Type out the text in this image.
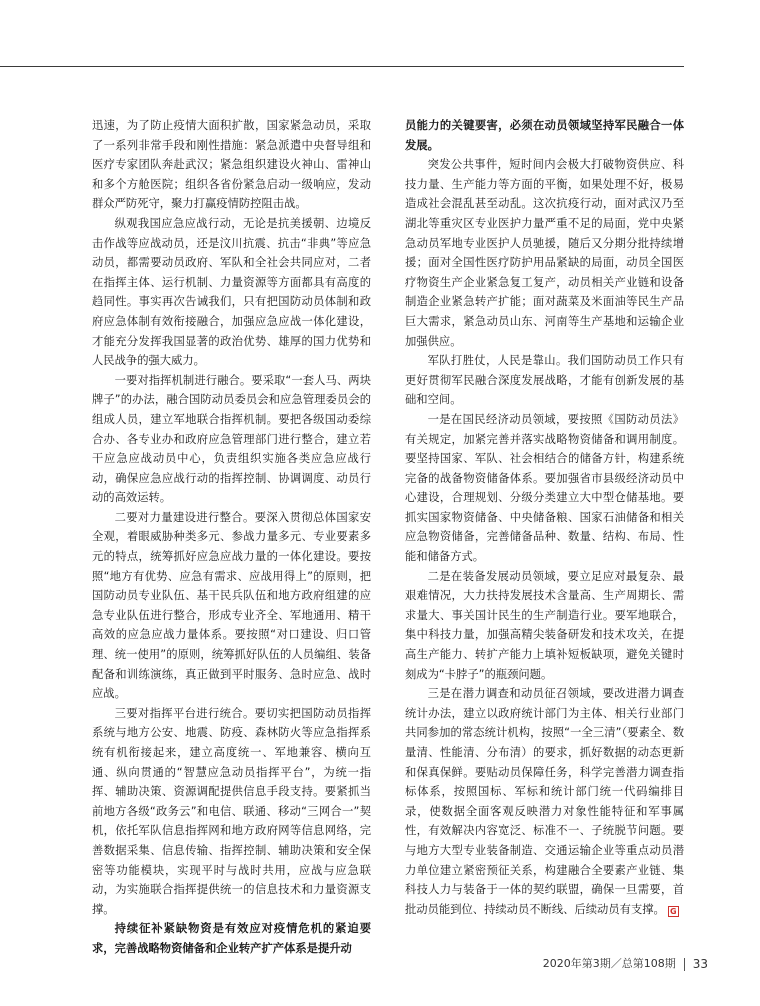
迅速，为了防止疫情大面积扩散，国家紧急动员，采取了一系列非常手段和刚性措施：紧急派遣中央督导组和医疗专家团队奔赴武汉；紧急组织建设火神山、雷神山和多个方舱医院；组织各省份紧急启动一级响应，发动群众严防死守，聚力打赢疫情防控阻击战。

纵观我国应急应战行动，无论是抗美援朝、边境反击作战等应战动员，还是汶川抗震、抗击“非典”等应急动员，都需要动员政府、军队和全社会共同应对，二者在指挥主体、运行机制、力量资源等方面都具有高度的趋同性。事实再次告诫我们，只有把国防动员体制和政府应急体制有效衔接融合，加强应急应战一体化建设，才能充分发挥我国显著的政治优势、雄厚的国力优势和人民战争的强大威力。

一要对指挥机制进行融合。要采取“一套人马、两块牌子”的办法，融合国防动员委员会和应急管理委员会的组成人员，建立军地联合指挥机制。要把各级国动委综合办、各专业办和政府应急管理部门进行整合，建立若干应急应战动员中心，负责组织实施各类应急应战行动，确保应急应战行动的指挥控制、协调调度、动员行动的高效运转。

二要对力量建设进行整合。要深入贯彻总体国家安全观，着眼威胁种类多元、参战力量多元、专业要素多元的特点，统筹抓好应急应战力量的一体化建设。要按照“地方有优势、应急有需求、应战用得上”的原则，把国防动员专业队伍、基干民兵队伍和地方政府组建的应急专业队伍进行整合，形成专业齐全、军地通用、精干高效的应急应战力量体系。要按照“对口建设、归口管理、统一使用”的原则，统筹抓好队伍的人员编组、装备配备和训练演练，真正做到平时服务、急时应急、战时应战。

三要对指挥平台进行统合。要切实把国防动员指挥系统与地方公安、地震、防疫、森林防火等应急指挥系统有机衔接起来，建立高度统一、军地兼容、横向互通、纵向贯通的“智慧应急动员指挥平台”，为统一指挥、辅助决策、资源调配提供信息手段支持。要紧抓当前地方各级“政务云”和电信、联通、移动“三网合一”契机，依托军队信息指挥网和地方政府网等信息网络，完善数据采集、信息传输、指挥控制、辅助决策和安全保密等功能模块，实现平时与战时共用，应战与应急联动，为实施联合指挥提供统一的信息技术和力量资源支撑。

持续征补紧缺物资是有效应对疫情危机的紧迫要求，完善战略物资储备和企业转产扩产体系是提升动

员能力的关键要害，必须在动员领域坚持军民融合一体发展。

突发公共事件，短时间内会极大打破物资供应、科技力量、生产能力等方面的平衡，如果处理不好，极易造成社会混乱甚至动乱。这次抗疫行动，面对武汉乃至湖北等重灾区专业医护力量严重不足的局面，党中央紧急动员军地专业医护人员驰援，随后又分期分批持续增援；面对全国性医疗防护用品紧缺的局面，动员全国医疗物资生产企业紧急复工复产，动员相关产业链和设备制造企业紧急转产扩能；面对蔬菜及米面油等民生产品巨大需求，紧急动员山东、河南等生产基地和运输企业加强供应。

军队打胜仗，人民是靠山。我们国防动员工作只有更好贯彻军民融合深度发展战略，才能有创新发展的基础和空间。

一是在国民经济动员领域，要按照《国防动员法》有关规定，加紧完善并落实战略物资储备和调用制度。要坚持国家、军队、社会相结合的储备方针，构建系统完备的战备物资储备体系。要加强省市县级经济动员中心建设，合理规划、分级分类建立大中型仓储基地。要抓实国家物资储备、中央储备粮、国家石油储备和相关应急物资储备，完善储备品种、数量、结构、布局、性能和储备方式。

二是在装备发展动员领域，要立足应对最复杂、最艰难情况，大力扶持发展技术含量高、生产周期长、需求量大、事关国计民生的生产制造行业。要军地联合，集中科技力量，加强高精尖装备研发和技术攻关，在提高生产能力、转扩产能力上填补短板缺项，避免关键时刻成为“卡脖子”的瓶颈问题。

三是在潜力调查和动员征召领域，要改进潜力调查统计办法，建立以政府统计部门为主体、相关行业部门共同参加的常态统计机构，按照“一全三清”（要素全、数量清、性能清、分布清）的要求，抓好数据的动态更新和保真保鲜。要贴动员保障任务，科学完善潜力调查指标体系，按照国标、军标和统计部门统一代码编排目录，使数据全面客观反映潜力对象性能特征和军事属性，有效解决内容宽泛、标准不一、子统脱节问题。要与地方大型专业装备制造、交通运输企业等重点动员潜力单位建立紧密预征关系，构建融合全要素产业链、集科技人力与装备于一体的契约联盟，确保一旦需要，首批动员能到位、持续动员不断线、后续动员有支撑。 G

2020年第3期／总第108期 33
